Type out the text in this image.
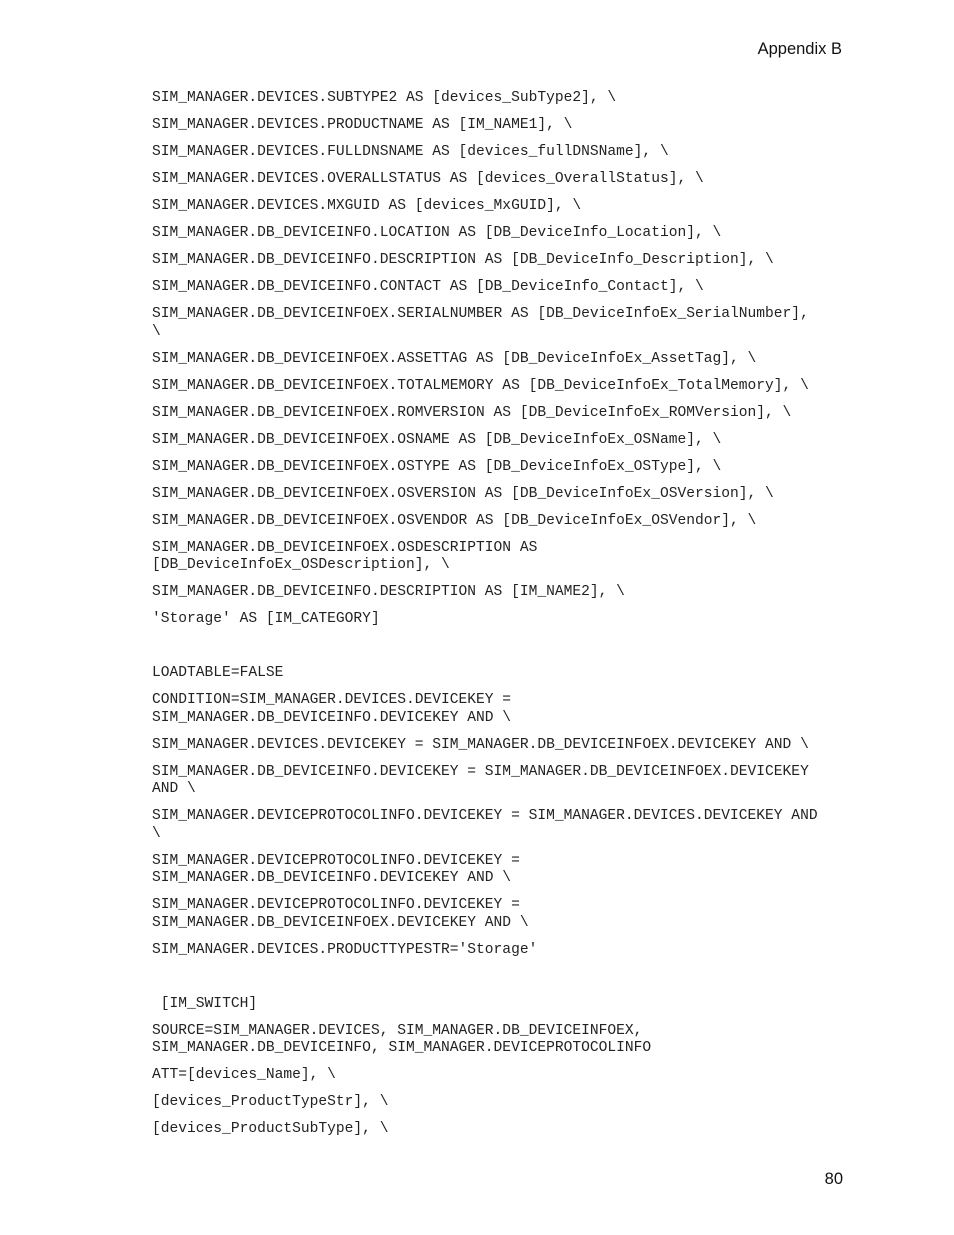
Appendix B
SIM_MANAGER.DEVICES.SUBTYPE2 AS [devices_SubType2], \
SIM_MANAGER.DEVICES.PRODUCTNAME AS [IM_NAME1], \
SIM_MANAGER.DEVICES.FULLDNSNAME AS [devices_fullDNSName], \
SIM_MANAGER.DEVICES.OVERALLSTATUS AS [devices_OverallStatus], \
SIM_MANAGER.DEVICES.MXGUID AS [devices_MxGUID], \
SIM_MANAGER.DB_DEVICEINFO.LOCATION AS [DB_DeviceInfo_Location], \
SIM_MANAGER.DB_DEVICEINFO.DESCRIPTION AS [DB_DeviceInfo_Description], \
SIM_MANAGER.DB_DEVICEINFO.CONTACT AS [DB_DeviceInfo_Contact], \
SIM_MANAGER.DB_DEVICEINFOEX.SERIALNUMBER AS [DB_DeviceInfoEx_SerialNumber],
\
SIM_MANAGER.DB_DEVICEINFOEX.ASSETTAG AS [DB_DeviceInfoEx_AssetTag], \
SIM_MANAGER.DB_DEVICEINFOEX.TOTALMEMORY AS [DB_DeviceInfoEx_TotalMemory], \
SIM_MANAGER.DB_DEVICEINFOEX.ROMVERSION AS [DB_DeviceInfoEx_ROMVersion], \
SIM_MANAGER.DB_DEVICEINFOEX.OSNAME AS [DB_DeviceInfoEx_OSName], \
SIM_MANAGER.DB_DEVICEINFOEX.OSTYPE AS [DB_DeviceInfoEx_OSType], \
SIM_MANAGER.DB_DEVICEINFOEX.OSVERSION AS [DB_DeviceInfoEx_OSVersion], \
SIM_MANAGER.DB_DEVICEINFOEX.OSVENDOR AS [DB_DeviceInfoEx_OSVendor], \
SIM_MANAGER.DB_DEVICEINFOEX.OSDESCRIPTION AS
[DB_DeviceInfoEx_OSDescription], \
SIM_MANAGER.DB_DEVICEINFO.DESCRIPTION AS [IM_NAME2], \
'Storage' AS [IM_CATEGORY]
LOADTABLE=FALSE
CONDITION=SIM_MANAGER.DEVICES.DEVICEKEY =
SIM_MANAGER.DB_DEVICEINFO.DEVICEKEY AND \
SIM_MANAGER.DEVICES.DEVICEKEY = SIM_MANAGER.DB_DEVICEINFOEX.DEVICEKEY AND \
SIM_MANAGER.DB_DEVICEINFO.DEVICEKEY = SIM_MANAGER.DB_DEVICEINFOEX.DEVICEKEY
AND \
SIM_MANAGER.DEVICEPROTOCOLINFO.DEVICEKEY = SIM_MANAGER.DEVICES.DEVICEKEY AND
\
SIM_MANAGER.DEVICEPROTOCOLINFO.DEVICEKEY =
SIM_MANAGER.DB_DEVICEINFO.DEVICEKEY AND \
SIM_MANAGER.DEVICEPROTOCOLINFO.DEVICEKEY =
SIM_MANAGER.DB_DEVICEINFOEX.DEVICEKEY AND \
SIM_MANAGER.DEVICES.PRODUCTTYPESTR='Storage'
[IM_SWITCH]
SOURCE=SIM_MANAGER.DEVICES, SIM_MANAGER.DB_DEVICEINFOEX,
SIM_MANAGER.DB_DEVICEINFO, SIM_MANAGER.DEVICEPROTOCOLINFO
ATT=[devices_Name], \
[devices_ProductTypeStr], \
[devices_ProductSubType], \
80
